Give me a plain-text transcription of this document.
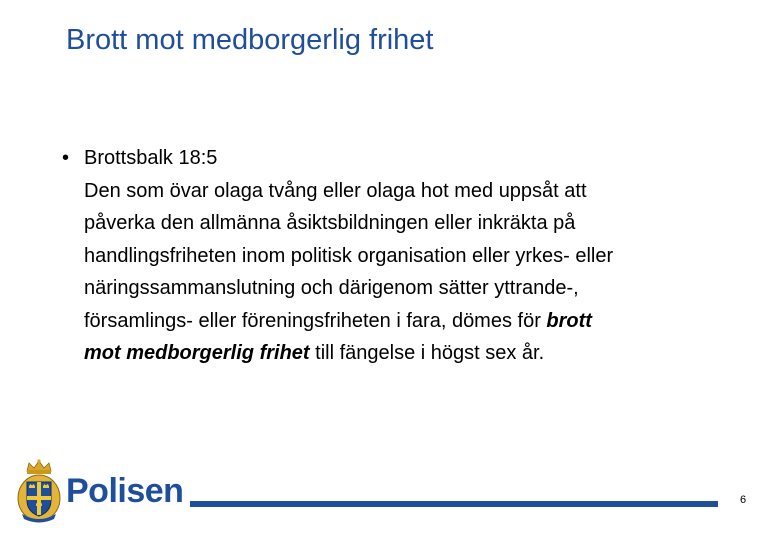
Brott mot medborgerlig frihet
• Brottsbalk 18:5
Den som övar olaga tvång eller olaga hot med uppsåt att
påverka den allmänna åsiktsbildningen eller inkräkta på
handlingsfriheten inom politisk organisation eller yrkes- eller
näringssammanslutning och därigenom sätter yttrande-,
församlings- eller föreningsfriheten i fara, dömes för brott
mot medborgerlig frihet till fängelse i högst sex år.
Polisen	6
